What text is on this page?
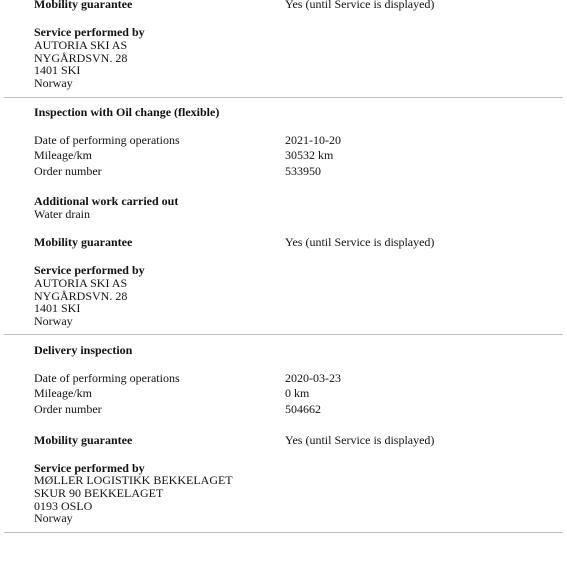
Mobility guarantee	Yes (until Service is displayed)
Service performed by
AUTORIA SKI AS
NYGÅRDSVN. 28
1401 SKI
Norway
Inspection with Oil change (flexible)
Date of performing operations	2021-10-20
Mileage/km	30532 km
Order number	533950
Additional work carried out
Water drain
Mobility guarantee	Yes (until Service is displayed)
Service performed by
AUTORIA SKI AS
NYGÅRDSVN. 28
1401 SKI
Norway
Delivery inspection
Date of performing operations	2020-03-23
Mileage/km	0 km
Order number	504662
Mobility guarantee	Yes (until Service is displayed)
Service performed by
MØLLER LOGISTIKK BEKKELAGET
SKUR 90 BEKKELAGET
0193 OSLO
Norway
